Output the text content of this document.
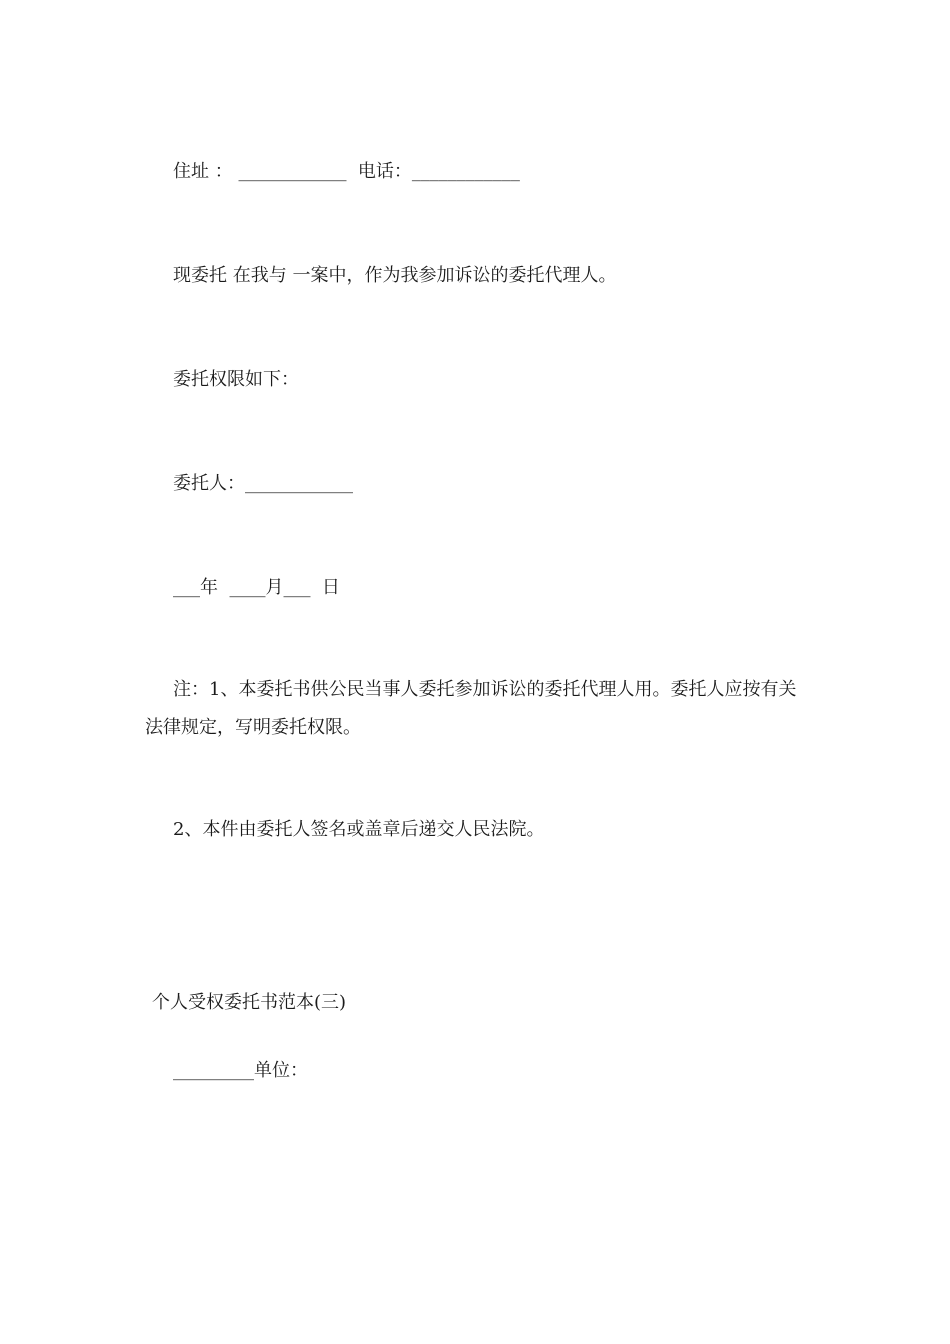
住址 ： ____________ 电话：____________

现委托 在我与 一案中，作为我参加诉讼的委托代理人。

委托权限如下：

委托人：____________

___年 ____月___ 日

注：1、本委托书供公民当事人委托参加诉讼的委托代理人用。委托人应按有关法律规定，写明委托权限。

2、本件由委托人签名或盖章后递交人民法院。

个人受权委托书范本(三)

_________单位：
